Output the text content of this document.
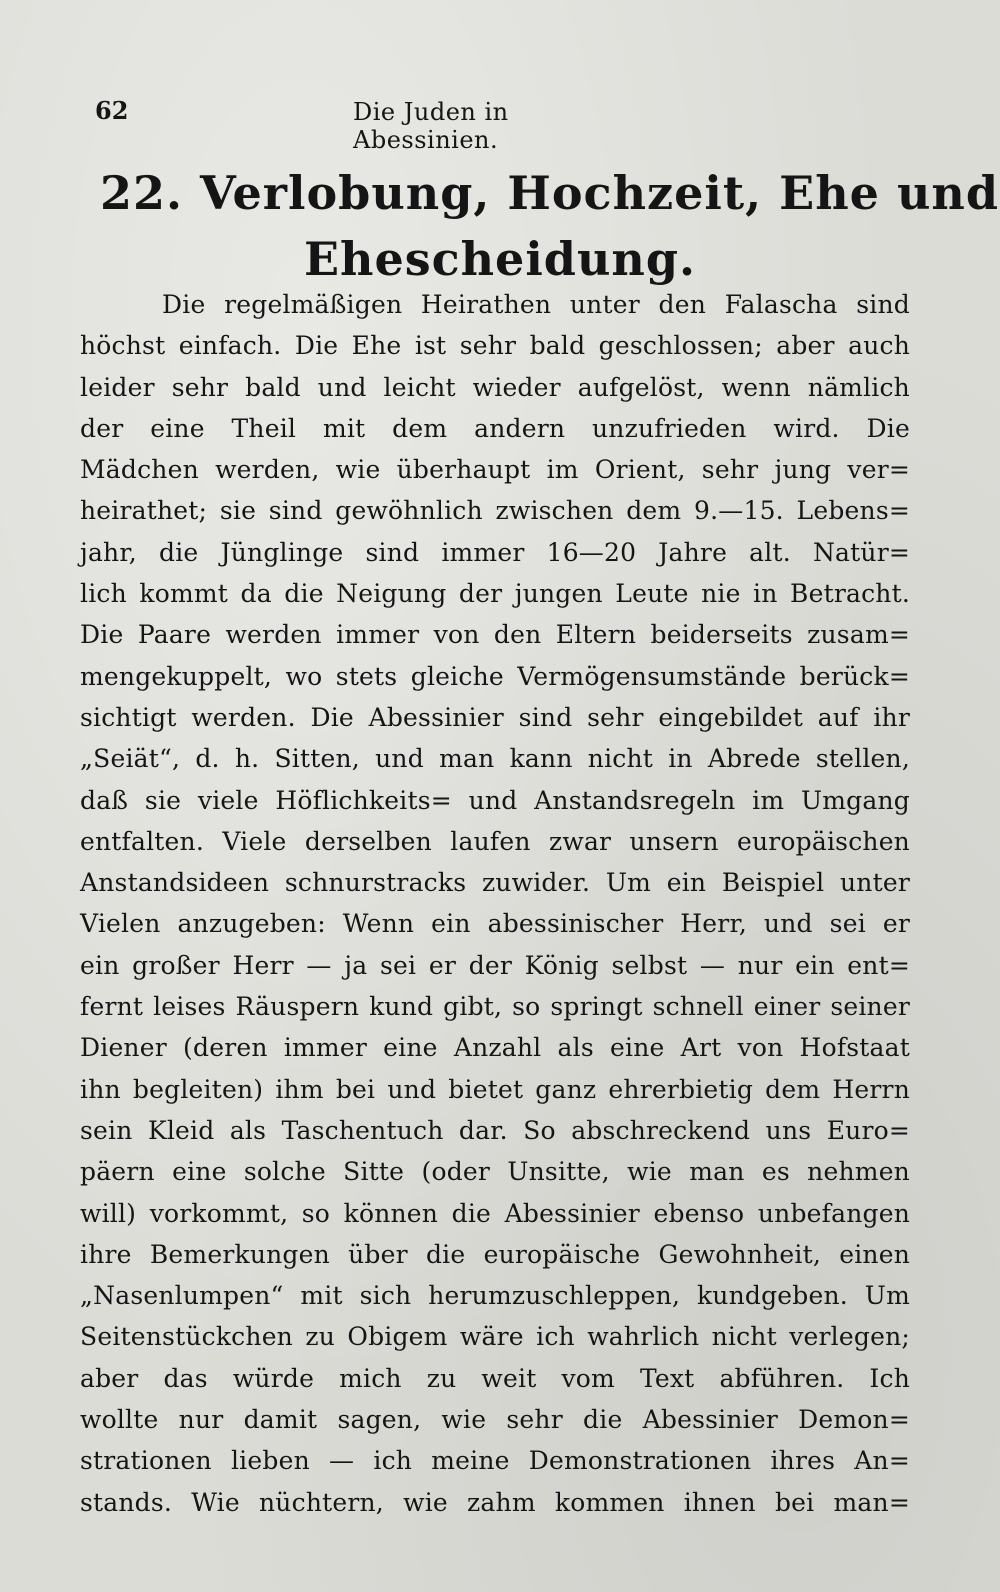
62	Die Juden in Abessinien.
22. Verlobung, Hochzeit, Ehe und
Ehescheidung.
Die regelmäßigen Heirathen unter den Falascha sind
höchst einfach. Die Ehe ist sehr bald geschlossen; aber auch
leider sehr bald und leicht wieder aufgelöst, wenn nämlich
der eine Theil mit dem andern unzufrieden wird. Die
Mädchen werden, wie überhaupt im Orient, sehr jung ver=
heirathet; sie sind gewöhnlich zwischen dem 9.—15. Lebens=
jahr, die Jünglinge sind immer 16—20 Jahre alt. Natür=
lich kommt da die Neigung der jungen Leute nie in Betracht.
Die Paare werden immer von den Eltern beiderseits zusam=
mengekuppelt, wo stets gleiche Vermögensumstände berück=
sichtigt werden. Die Abessinier sind sehr eingebildet auf ihr
„Seiät“, d. h. Sitten, und man kann nicht in Abrede stellen,
daß sie viele Höflichkeits= und Anstandsregeln im Umgang
entfalten. Viele derselben laufen zwar unsern europäischen
Anstandsideen schnurstracks zuwider. Um ein Beispiel unter
Vielen anzugeben: Wenn ein abessinischer Herr, und sei er
ein großer Herr — ja sei er der König selbst — nur ein ent=
fernt leises Räuspern kund gibt, so springt schnell einer seiner
Diener (deren immer eine Anzahl als eine Art von Hofstaat
ihn begleiten) ihm bei und bietet ganz ehrerbietig dem Herrn
sein Kleid als Taschentuch dar. So abschreckend uns Euro=
päern eine solche Sitte (oder Unsitte, wie man es nehmen
will) vorkommt, so können die Abessinier ebenso unbefangen
ihre Bemerkungen über die europäische Gewohnheit, einen
„Nasenlumpen“ mit sich herumzuschleppen, kundgeben. Um
Seitenstückchen zu Obigem wäre ich wahrlich nicht verlegen;
aber das würde mich zu weit vom Text abführen. Ich
wollte nur damit sagen, wie sehr die Abessinier Demon=
strationen lieben — ich meine Demonstrationen ihres An=
stands. Wie nüchtern, wie zahm kommen ihnen bei man=
